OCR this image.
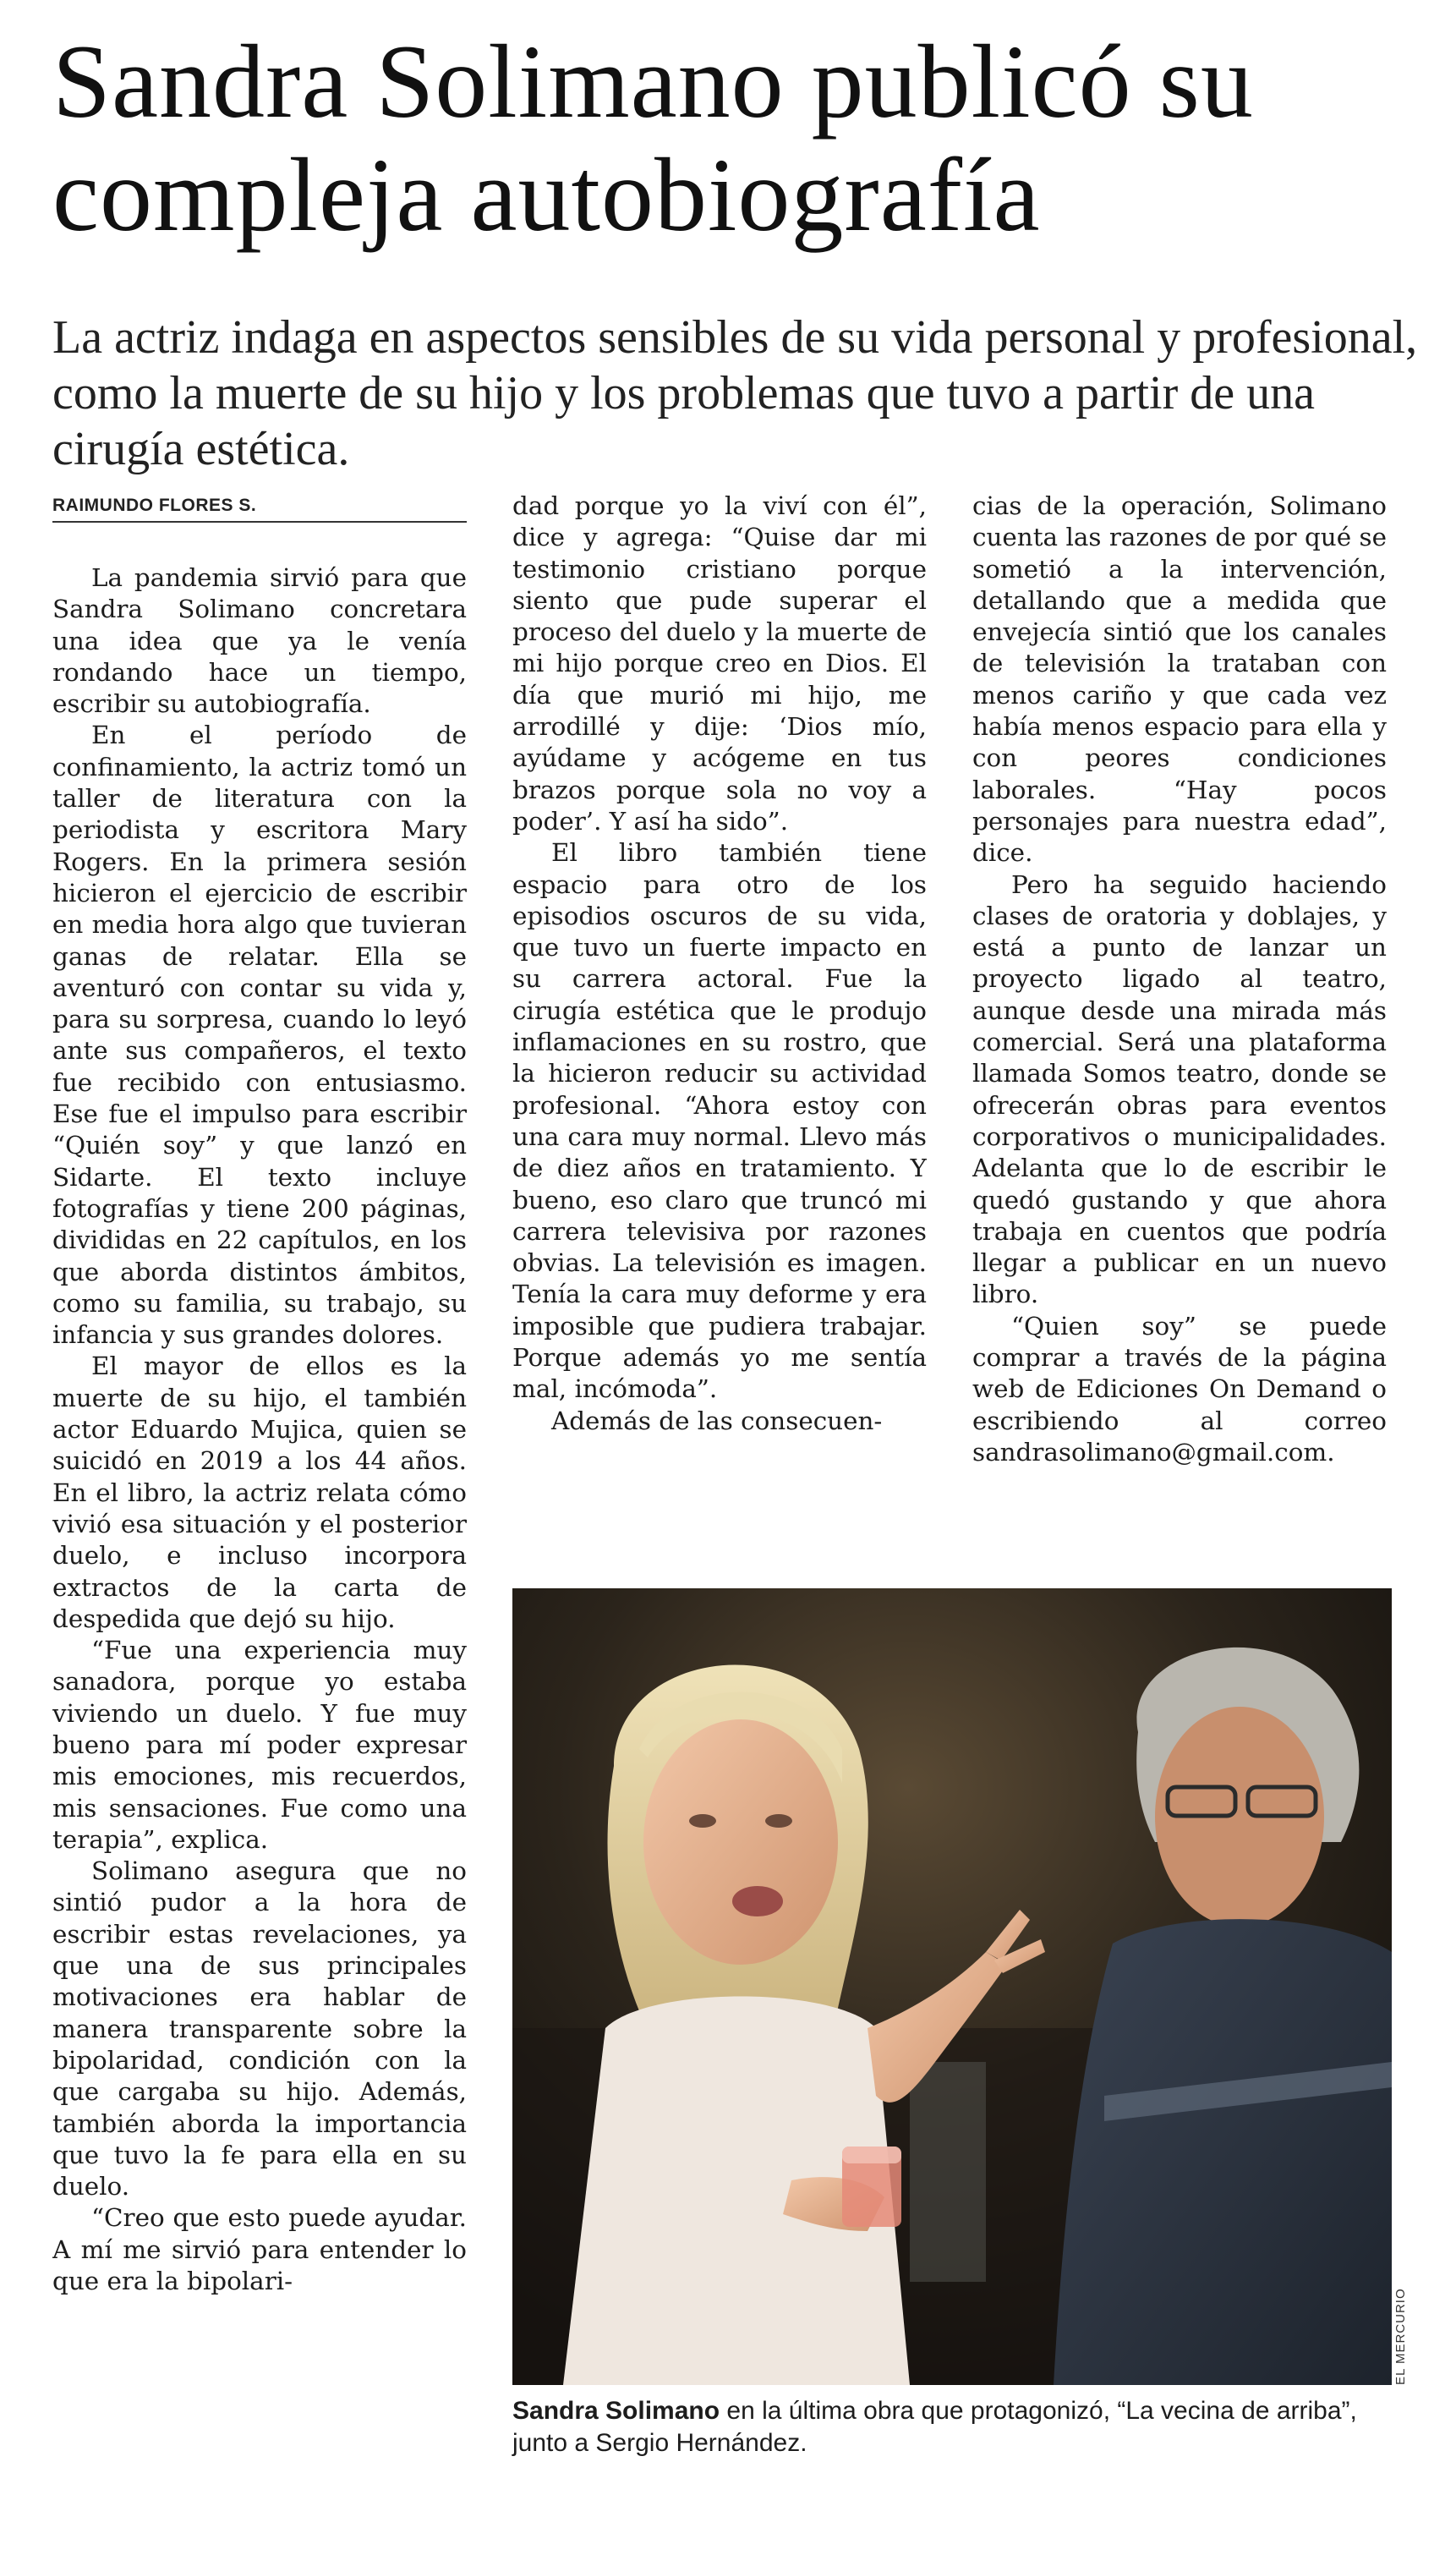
Sandra Solimano publicó su compleja autobiografía

La actriz indaga en aspectos sensibles de su vida personal y profesional, como la muerte de su hijo y los problemas que tuvo a partir de una cirugía estética.

RAIMUNDO FLORES S.

La pandemia sirvió para que Sandra Solimano concretara una idea que ya le venía rondando hace un tiempo, escribir su autobiografía.

En el período de confinamiento, la actriz tomó un taller de literatura con la periodista y escritora Mary Rogers. En la primera sesión hicieron el ejercicio de escribir en media hora algo que tuvieran ganas de relatar. Ella se aventuró con contar su vida y, para su sorpresa, cuando lo leyó ante sus compañeros, el texto fue recibido con entusiasmo. Ese fue el impulso para escribir “Quién soy” y que lanzó en Sidarte. El texto incluye fotografías y tiene 200 páginas, divididas en 22 capítulos, en los que aborda distintos ámbitos, como su familia, su trabajo, su infancia y sus grandes dolores.

El mayor de ellos es la muerte de su hijo, el también actor Eduardo Mujica, quien se suicidó en 2019 a los 44 años. En el libro, la actriz relata cómo vivió esa situación y el posterior duelo, e incluso incorpora extractos de la carta de despedida que dejó su hijo.

“Fue una experiencia muy sanadora, porque yo estaba viviendo un duelo. Y fue muy bueno para mí poder expresar mis emociones, mis recuerdos, mis sensaciones. Fue como una terapia”, explica.

Solimano asegura que no sintió pudor a la hora de escribir estas revelaciones, ya que una de sus principales motivaciones era hablar de manera transparente sobre la bipolaridad, condición con la que cargaba su hijo. Además, también aborda la importancia que tuvo la fe para ella en su duelo.

“Creo que esto puede ayudar. A mí me sirvió para entender lo que era la bipolari-

dad porque yo la viví con él”, dice y agrega: “Quise dar mi testimonio cristiano porque siento que pude superar el proceso del duelo y la muerte de mi hijo porque creo en Dios. El día que murió mi hijo, me arrodillé y dije: ‘Dios mío, ayúdame y acógeme en tus brazos porque sola no voy a poder’. Y así ha sido”.

El libro también tiene espacio para otro de los episodios oscuros de su vida, que tuvo un fuerte impacto en su carrera actoral. Fue la cirugía estética que le produjo inflamaciones en su rostro, que la hicieron reducir su actividad profesional. “Ahora estoy con una cara muy normal. Llevo más de diez años en tratamiento. Y bueno, eso claro que truncó mi carrera televisiva por razones obvias. La televisión es imagen. Tenía la cara muy deforme y era imposible que pudiera trabajar. Porque además yo me sentía mal, incómoda”.

Además de las consecuen-

cias de la operación, Solimano cuenta las razones de por qué se sometió a la intervención, detallando que a medida que envejecía sintió que los canales de televisión la trataban con menos cariño y que cada vez había menos espacio para ella y con peores condiciones laborales. “Hay pocos personajes para nuestra edad”, dice.

Pero ha seguido haciendo clases de oratoria y doblajes, y está a punto de lanzar un proyecto ligado al teatro, aunque desde una mirada más comercial. Será una plataforma llamada Somos teatro, donde se ofrecerán obras para eventos corporativos o municipalidades. Adelanta que lo de escribir le quedó gustando y que ahora trabaja en cuentos que podría llegar a publicar en un nuevo libro.

“Quien soy” se puede comprar a través de la página web de Ediciones On Demand o escribiendo al correo sandrasolimano@gmail.com.

EL MERCURIO
Sandra Solimano en la última obra que protagonizó, “La vecina de arriba”, junto a Sergio Hernández.
